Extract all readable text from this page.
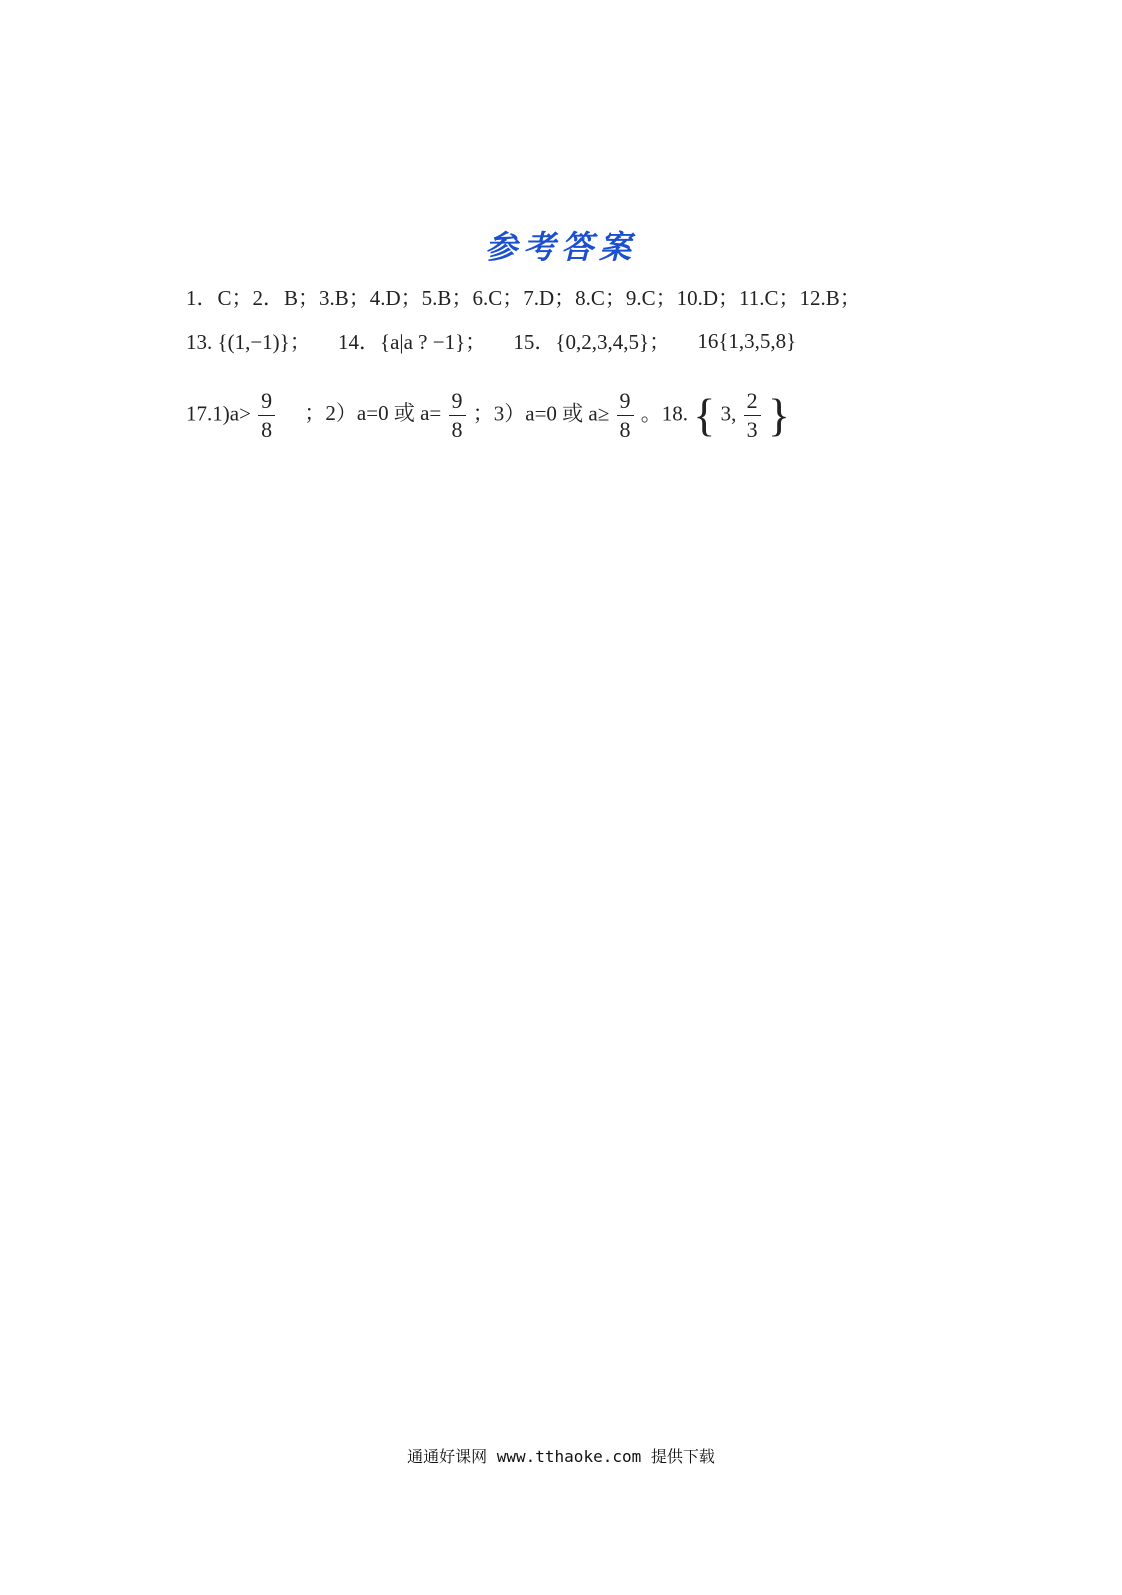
参考答案
1．C；2．B；3.B；4.D；5.B；6.C；7.D；8.C；9.C；10.D；11.C；12.B；
13. {(1,−1)}； 14．{a|a ? −1}； 15．{0,2,3,4,5}； 16{1,3,5,8}
$17.1)a> \frac{9}{8}$ ；2）a=0 或 $a= \frac{9}{8}$ ；3）a=0 或 $a\ge \frac{9}{8}$ 。18. { 3, $\frac{2}{3}$ }
通通好课网 www.tthaoke.com 提供下载
